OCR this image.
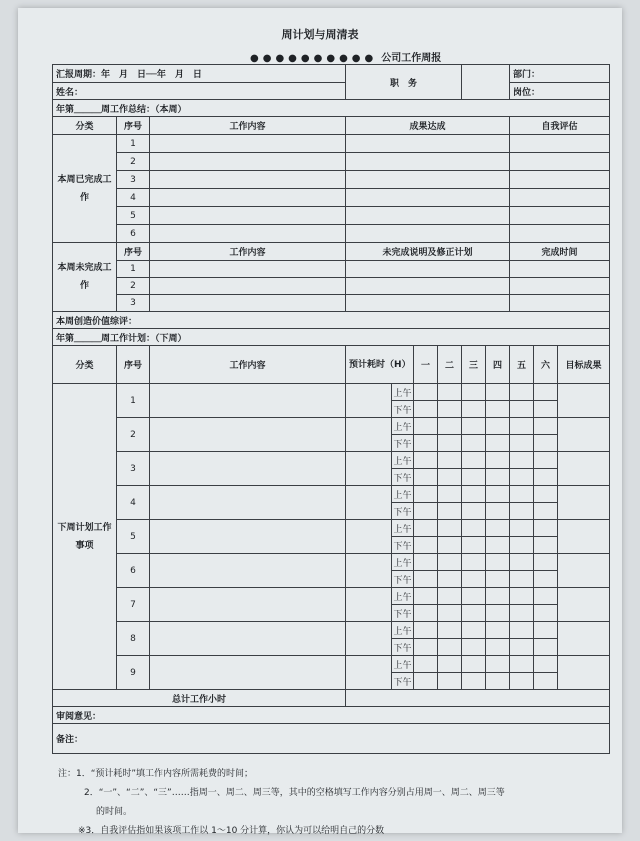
周计划与周清表
●●●●●●●●●● 公司工作周报
汇报周期：年　月　日──年　月　日			职　务						部门：		
姓名：									岗位：		
年第＿＿＿周工作总结：（本周）											
分类	序号	工作内容	成果达成						自我评估		
本周已完成工作	1										
	2										
	3										
	4										
	5										
	6										
本周未完成工作	序号	工作内容	未完成说明及修正计划						完成时间		
	1										
	2										
	3										
本周创造价值综评：											
年第＿＿＿周工作计划：（下周）											
分类	序号	工作内容	预计耗时（H）		一	二	三	四	五	六	目标成果
下周计划工作事项	1			上午							
				下午							
	2			上午							
				下午							
	3			上午							
				下午							
	4			上午							
				下午							
	5			上午							
				下午							
	6			上午							
				下午							
	7			上午							
				下午							
	8			上午							
				下午							
	9			上午							
				下午							
总计工作小时											
审阅意见：											
备注：											
注：1．“预计耗时”填工作内容所需耗费的时间；
2．“一”、“二”、“三”……指周一、周二、周三等，其中的空格填写工作内容分别占用周一、周二、周三等
的时间。
※3．自我评估指如果该项工作以 1～10 分计算，你认为可以给明自己的分数
